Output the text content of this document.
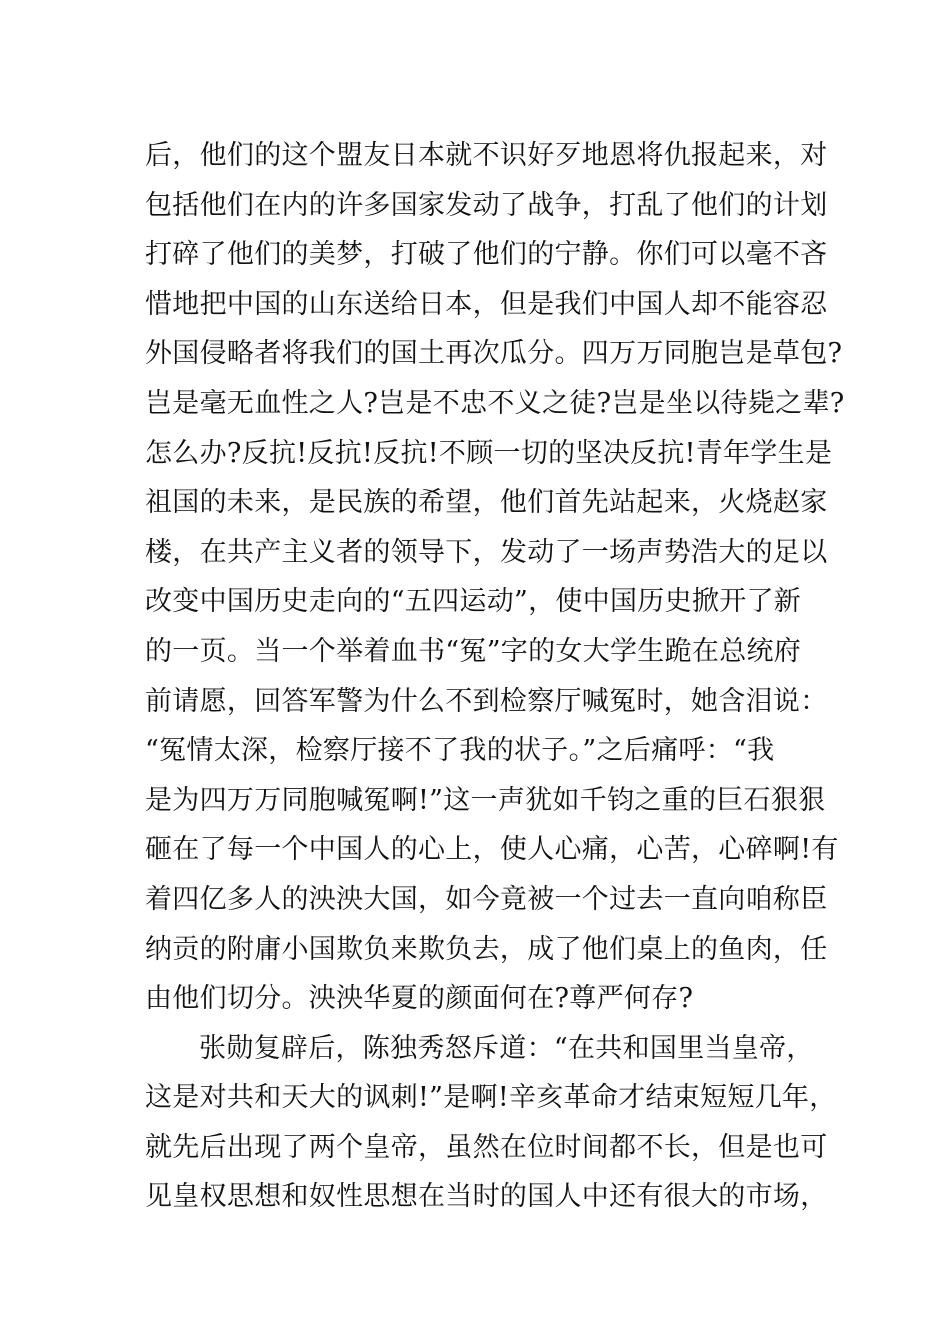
后，他们的这个盟友日本就不识好歹地恩将仇报起来，对
包括他们在内的许多国家发动了战争，打乱了他们的计划
打碎了他们的美梦，打破了他们的宁静。你们可以毫不吝
惜地把中国的山东送给日本，但是我们中国人却不能容忍
外国侵略者将我们的国土再次瓜分。四万万同胞岂是草包?
岂是毫无血性之人?岂是不忠不义之徒?岂是坐以待毙之辈?
怎么办?反抗!反抗!反抗!不顾一切的坚决反抗!青年学生是
祖国的未来，是民族的希望，他们首先站起来，火烧赵家
楼，在共产主义者的领导下，发动了一场声势浩大的足以
改变中国历史走向的“五四运动”，使中国历史掀开了新
的一页。当一个举着血书“冤”字的女大学生跪在总统府
前请愿，回答军警为什么不到检察厅喊冤时，她含泪说：
“冤情太深，检察厅接不了我的状子。”之后痛呼：“我
是为四万万同胞喊冤啊!”这一声犹如千钧之重的巨石狠狠
砸在了每一个中国人的心上，使人心痛，心苦，心碎啊!有
着四亿多人的泱泱大国，如今竟被一个过去一直向咱称臣
纳贡的附庸小国欺负来欺负去，成了他们桌上的鱼肉，任
由他们切分。泱泱华夏的颜面何在?尊严何存?
张勋复辟后，陈独秀怒斥道：“在共和国里当皇帝，
这是对共和天大的讽刺!”是啊!辛亥革命才结束短短几年，
就先后出现了两个皇帝，虽然在位时间都不长，但是也可
见皇权思想和奴性思想在当时的国人中还有很大的市场，
